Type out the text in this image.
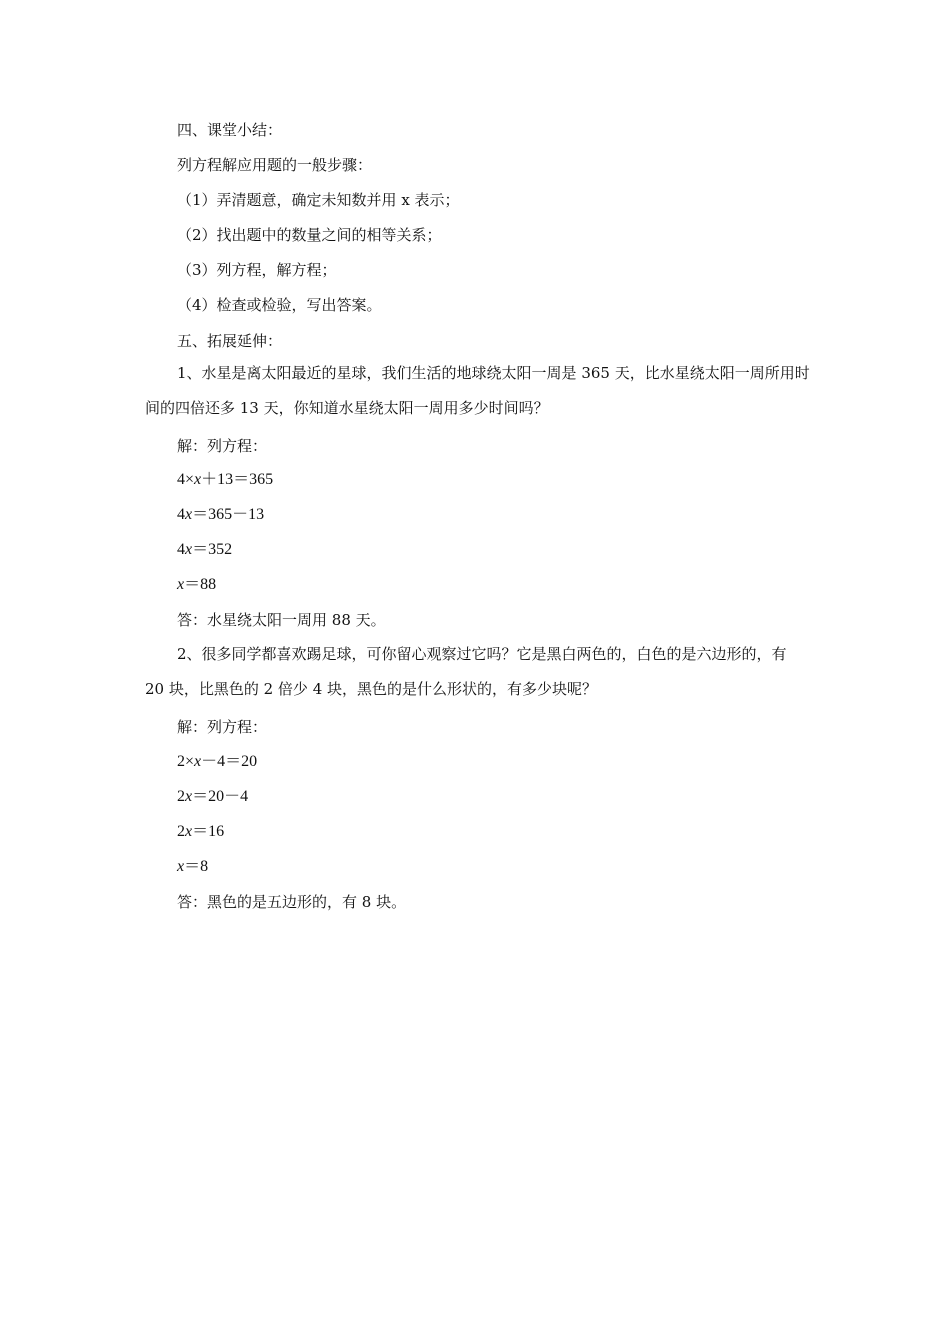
四、课堂小结：
列方程解应用题的一般步骤：
（1）弄清题意，确定未知数并用 x 表示；
（2）找出题中的数量之间的相等关系；
（3）列方程，解方程；
（4）检查或检验，写出答案。
五、拓展延伸：
1、水星是离太阳最近的星球，我们生活的地球绕太阳一周是 365 天，比水星绕太阳一周所用时间的四倍还多 13 天，你知道水星绕太阳一周用多少时间吗？
解：列方程：
4×x＋13＝365
4x＝365－13
4x＝352
x＝88
答：水星绕太阳一周用 88 天。
2、很多同学都喜欢踢足球，可你留心观察过它吗？它是黑白两色的，白色的是六边形的，有 20 块，比黑色的 2 倍少 4 块，黑色的是什么形状的，有多少块呢？
解：列方程：
2×x－4＝20
2x＝20－4
2x＝16
x＝8
答：黑色的是五边形的，有 8 块。
